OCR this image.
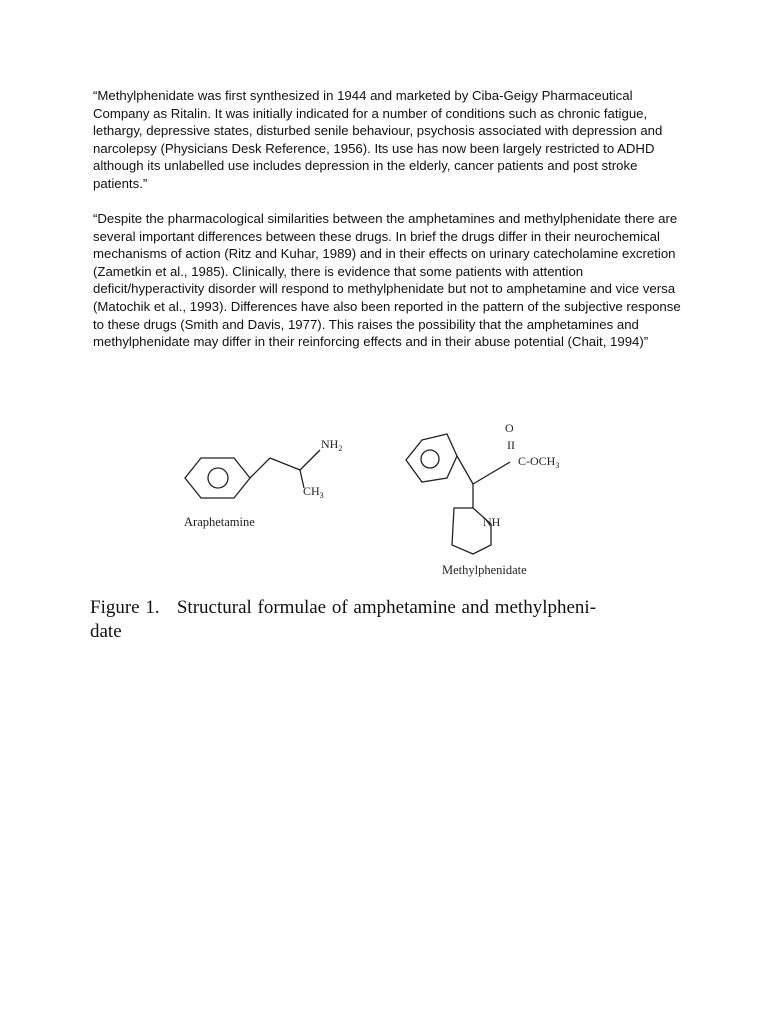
“Methylphenidate was first synthesized in 1944 and marketed by Ciba-Geigy Pharmaceutical Company as Ritalin. It was initially indicated for a number of conditions such as chronic fatigue, lethargy, depressive states, disturbed senile behaviour, psychosis associated with depression and narcolepsy (Physicians Desk Reference, 1956). Its use has now been largely restricted to ADHD although its unlabelled use includes depression in the elderly, cancer patients and post stroke patients.”

“Despite the pharmacological similarities between the amphetamines and methylphenidate there are several important differences between these drugs. In brief the drugs differ in their neurochemical mechanisms of action (Ritz and Kuhar, 1989) and in their effects on urinary catecholamine excretion (Zametkin et al., 1985). Clinically, there is evidence that some patients with attention deficit/hyperactivity disorder will respond to methylphenidate but not to amphetamine and vice versa (Matochik et al., 1993). Differences have also been reported in the pattern of the subjective response to these drugs (Smith and Davis, 1977). This raises the possibility that the amphetamines and methylphenidate may differ in their reinforcing effects and in their abuse potential (Chait, 1994)”

$NH_2$
$CH_3$
Araphetamine
O
II
$C-OCH_3$
NH
Methylphenidate
Figure 1.   Structural formulae of amphetamine and methylpheni-
date
